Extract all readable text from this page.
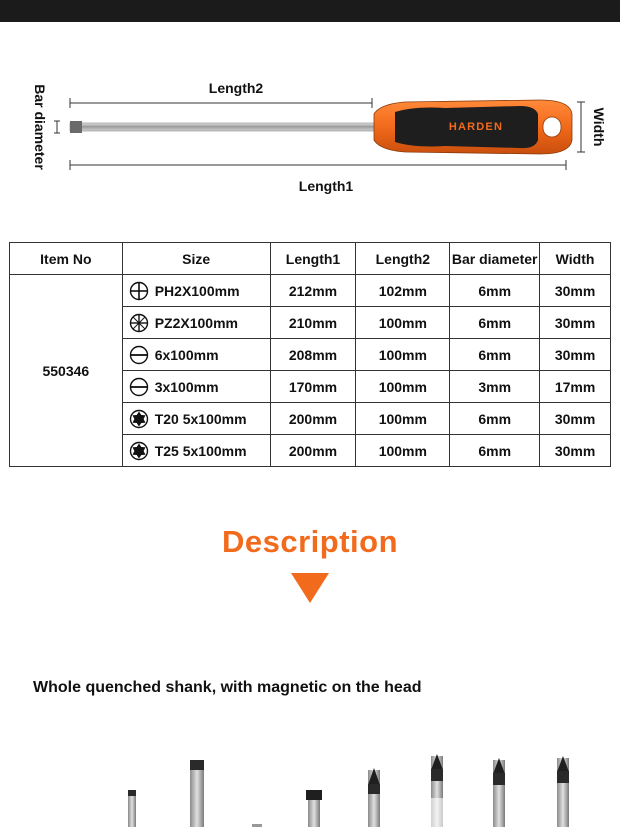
Length2
HARDEN
Length1
Bar diameter	Width
Item No	Size	Length1	Length2	Bar diameter	Width
550346	PH2X100mm	212mm	102mm	6mm	30mm

	PZ2X100mm	210mm	100mm	6mm	30mm

	6x100mm	208mm	100mm	6mm	30mm

	3x100mm	170mm	100mm	3mm	17mm

	T20 5x100mm	200mm	100mm	6mm	30mm

	T25 5x100mm	200mm	100mm	6mm	30mm
Description
Whole quenched shank, with magnetic on the head
